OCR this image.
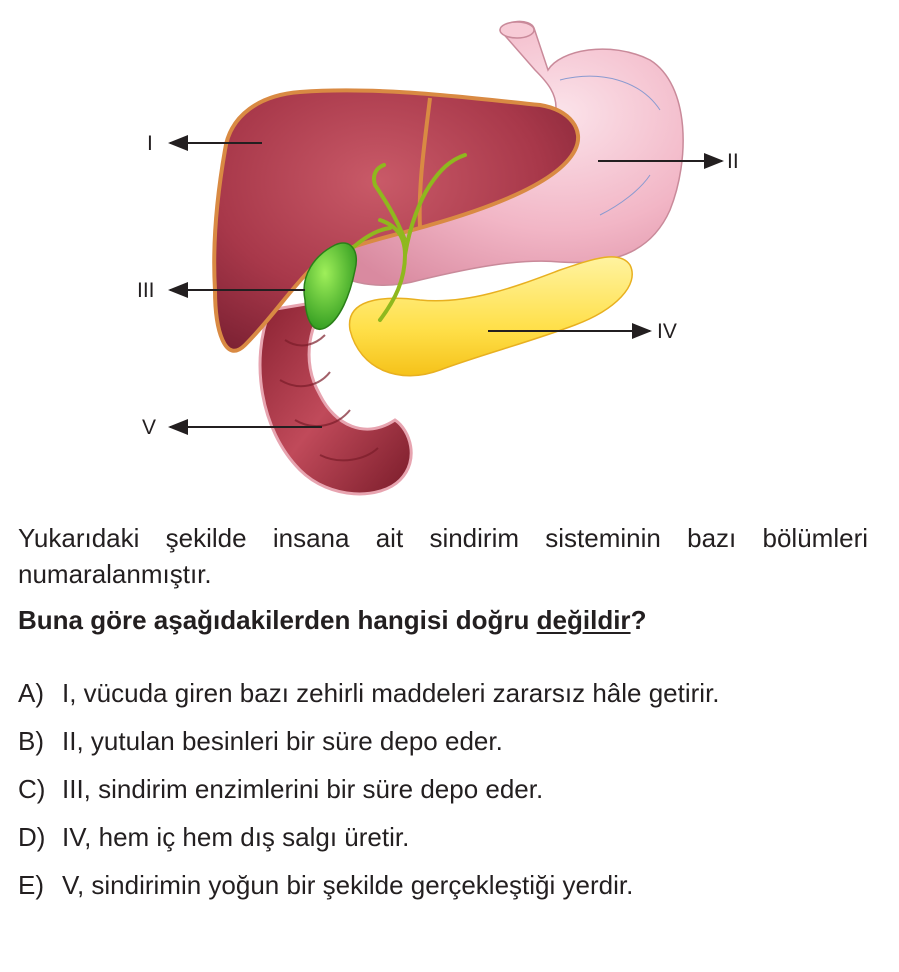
I
II
III
IV
V

Yukarıdaki şekilde insana ait sindirim sisteminin bazı bölümleri numaralanmıştır.

Buna göre aşağıdakilerden hangisi doğru değildir?

A) I, vücuda giren bazı zehirli maddeleri zararsız hâle getirir.
B) II, yutulan besinleri bir süre depo eder.
C) III, sindirim enzimlerini bir süre depo eder.
D) IV, hem iç hem dış salgı üretir.
E) V, sindirimin yoğun bir şekilde gerçekleştiği yerdir.
